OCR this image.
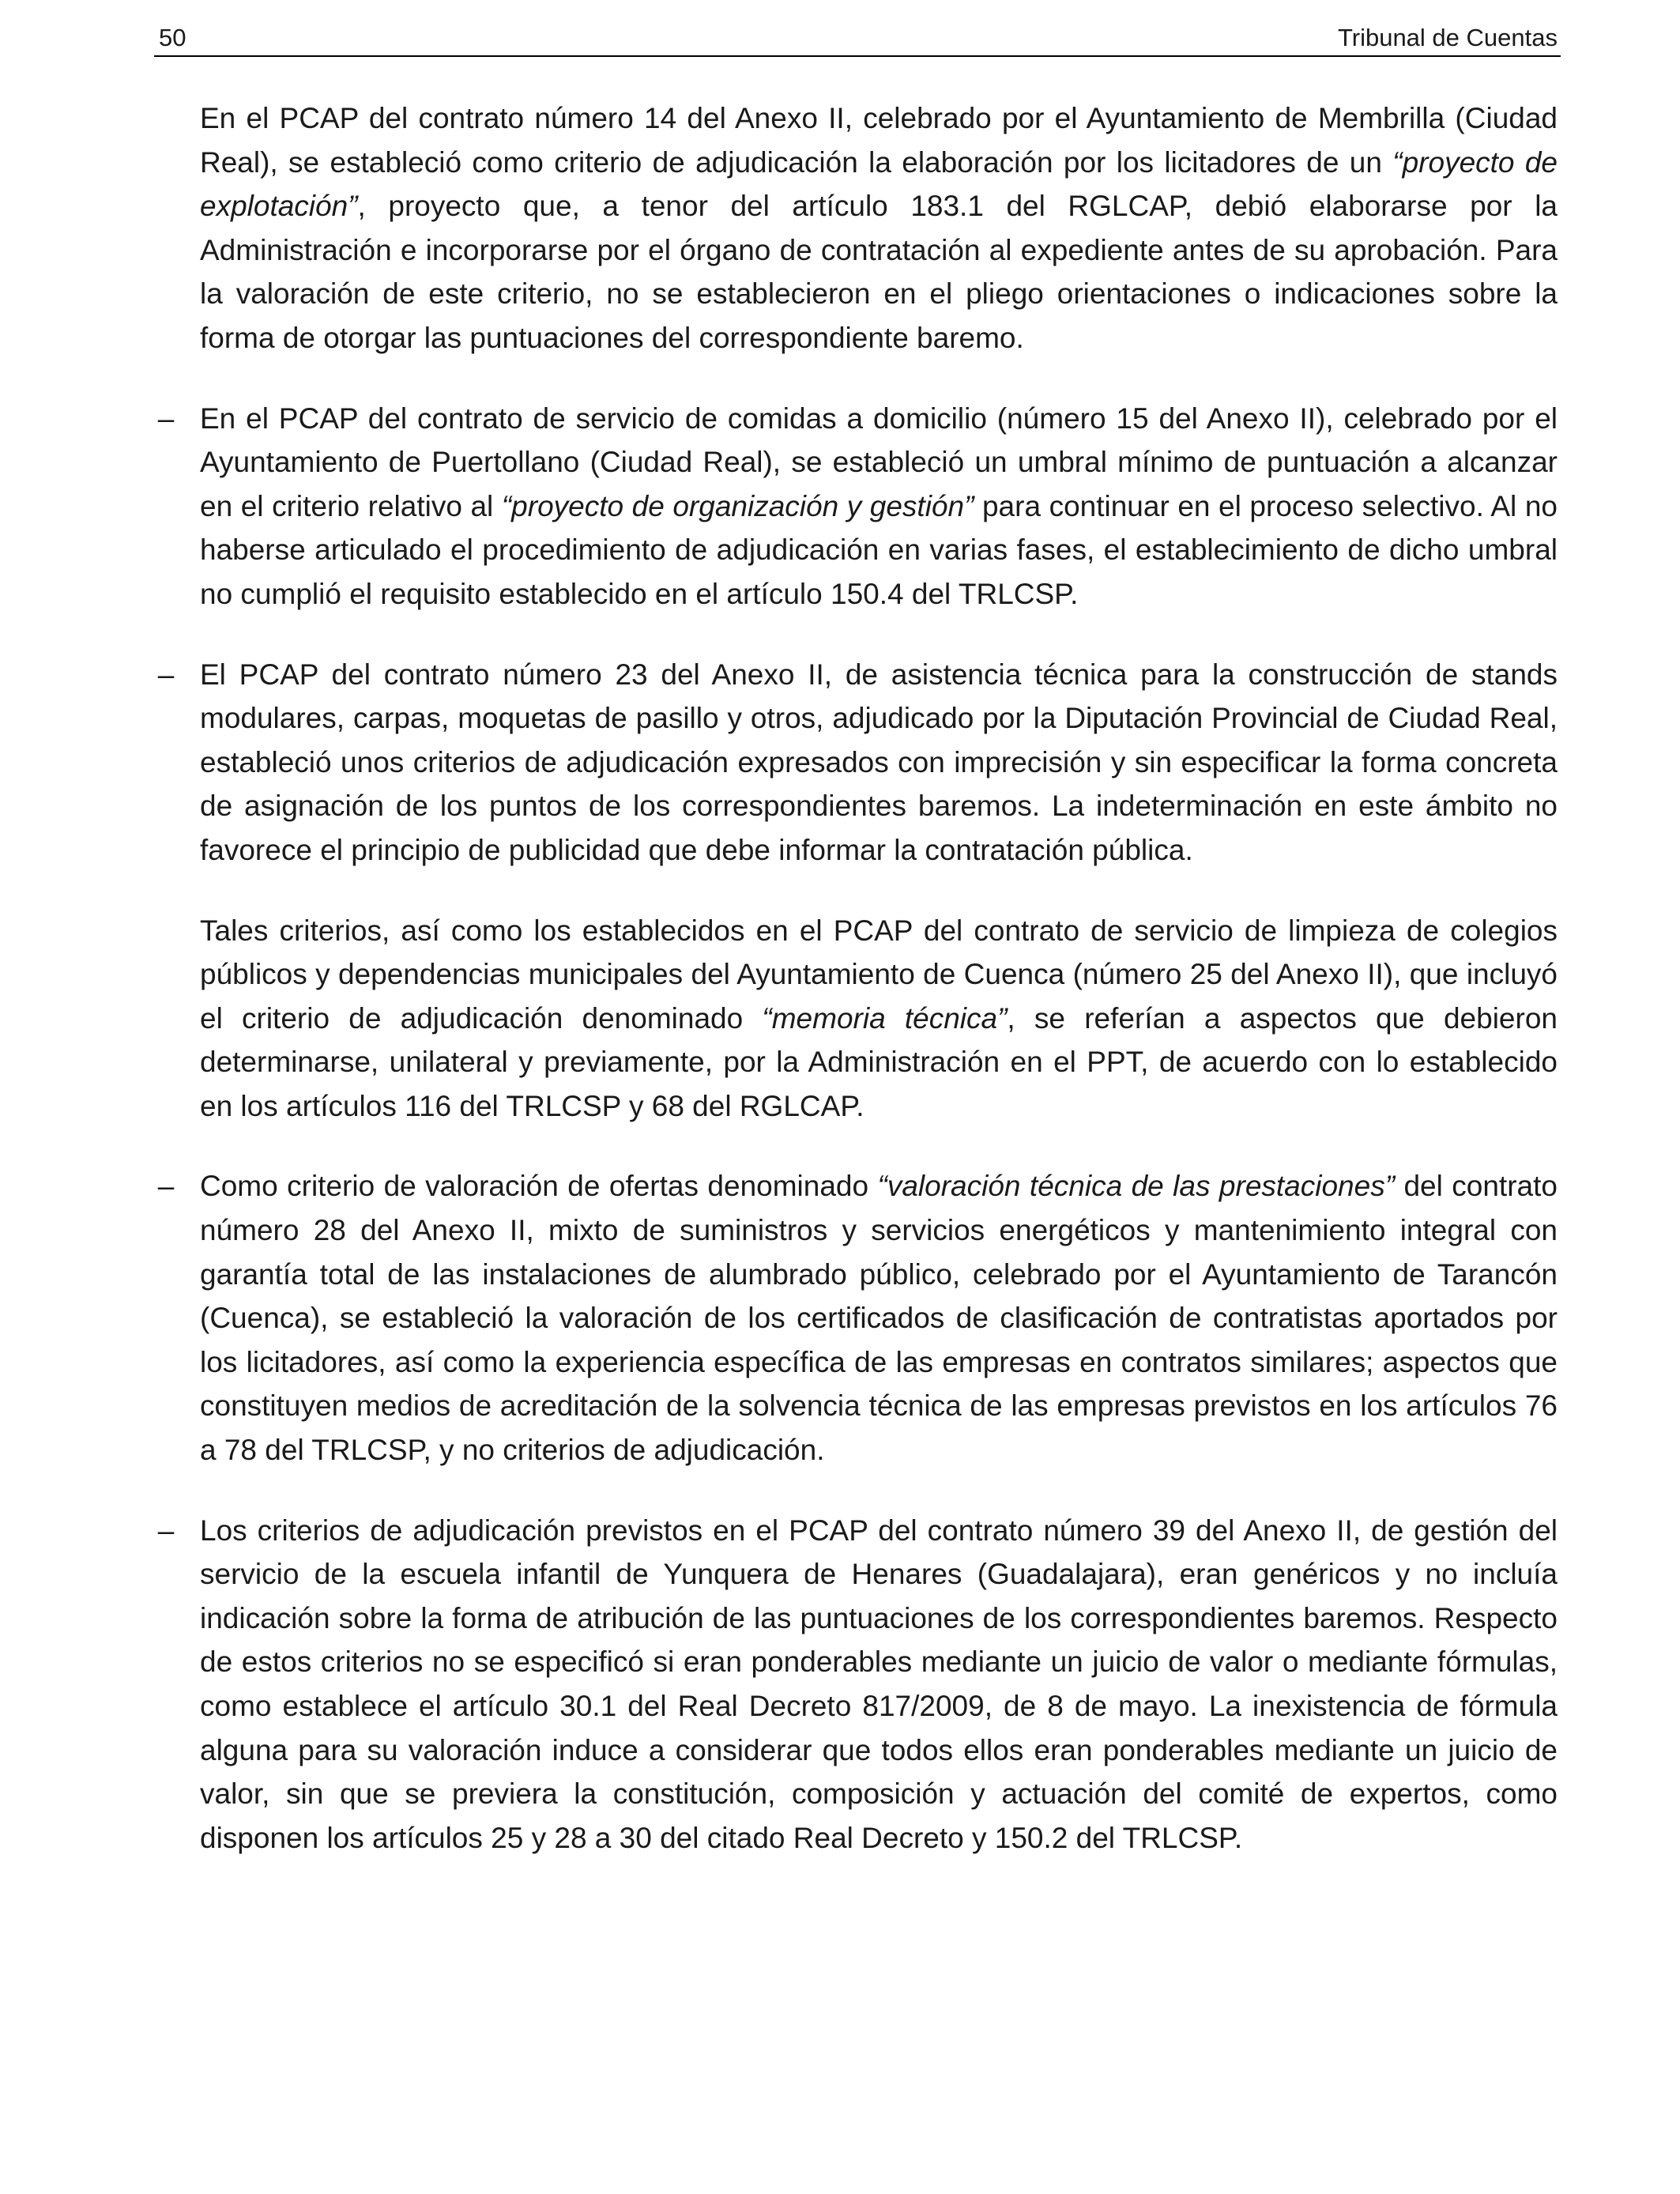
50	Tribunal de Cuentas

En el PCAP del contrato número 14 del Anexo II, celebrado por el Ayuntamiento de Membrilla (Ciudad Real), se estableció como criterio de adjudicación la elaboración por los licitadores de un “proyecto de explotación”, proyecto que, a tenor del artículo 183.1 del RGLCAP, debió elaborarse por la Administración e incorporarse por el órgano de contratación al expediente antes de su aprobación. Para la valoración de este criterio, no se establecieron en el pliego orientaciones o indicaciones sobre la forma de otorgar las puntuaciones del correspondiente baremo.

– En el PCAP del contrato de servicio de comidas a domicilio (número 15 del Anexo II), celebrado por el Ayuntamiento de Puertollano (Ciudad Real), se estableció un umbral mínimo de puntuación a alcanzar en el criterio relativo al “proyecto de organización y gestión” para continuar en el proceso selectivo. Al no haberse articulado el procedimiento de adjudicación en varias fases, el establecimiento de dicho umbral no cumplió el requisito establecido en el artículo 150.4 del TRLCSP.

– El PCAP del contrato número 23 del Anexo II, de asistencia técnica para la construcción de stands modulares, carpas, moquetas de pasillo y otros, adjudicado por la Diputación Provincial de Ciudad Real, estableció unos criterios de adjudicación expresados con imprecisión y sin especificar la forma concreta de asignación de los puntos de los correspondientes baremos. La indeterminación en este ámbito no favorece el principio de publicidad que debe informar la contratación pública.

Tales criterios, así como los establecidos en el PCAP del contrato de servicio de limpieza de colegios públicos y dependencias municipales del Ayuntamiento de Cuenca (número 25 del Anexo II), que incluyó el criterio de adjudicación denominado “memoria técnica”, se referían a aspectos que debieron determinarse, unilateral y previamente, por la Administración en el PPT, de acuerdo con lo establecido en los artículos 116 del TRLCSP y 68 del RGLCAP.

– Como criterio de valoración de ofertas denominado “valoración técnica de las prestaciones” del contrato número 28 del Anexo II, mixto de suministros y servicios energéticos y mantenimiento integral con garantía total de las instalaciones de alumbrado público, celebrado por el Ayuntamiento de Tarancón (Cuenca), se estableció la valoración de los certificados de clasificación de contratistas aportados por los licitadores, así como la experiencia específica de las empresas en contratos similares; aspectos que constituyen medios de acreditación de la solvencia técnica de las empresas previstos en los artículos 76 a 78 del TRLCSP, y no criterios de adjudicación.

– Los criterios de adjudicación previstos en el PCAP del contrato número 39 del Anexo II, de gestión del servicio de la escuela infantil de Yunquera de Henares (Guadalajara), eran genéricos y no incluía indicación sobre la forma de atribución de las puntuaciones de los correspondientes baremos. Respecto de estos criterios no se especificó si eran ponderables mediante un juicio de valor o mediante fórmulas, como establece el artículo 30.1 del Real Decreto 817/2009, de 8 de mayo. La inexistencia de fórmula alguna para su valoración induce a considerar que todos ellos eran ponderables mediante un juicio de valor, sin que se previera la constitución, composición y actuación del comité de expertos, como disponen los artículos 25 y 28 a 30 del citado Real Decreto y 150.2 del TRLCSP.
